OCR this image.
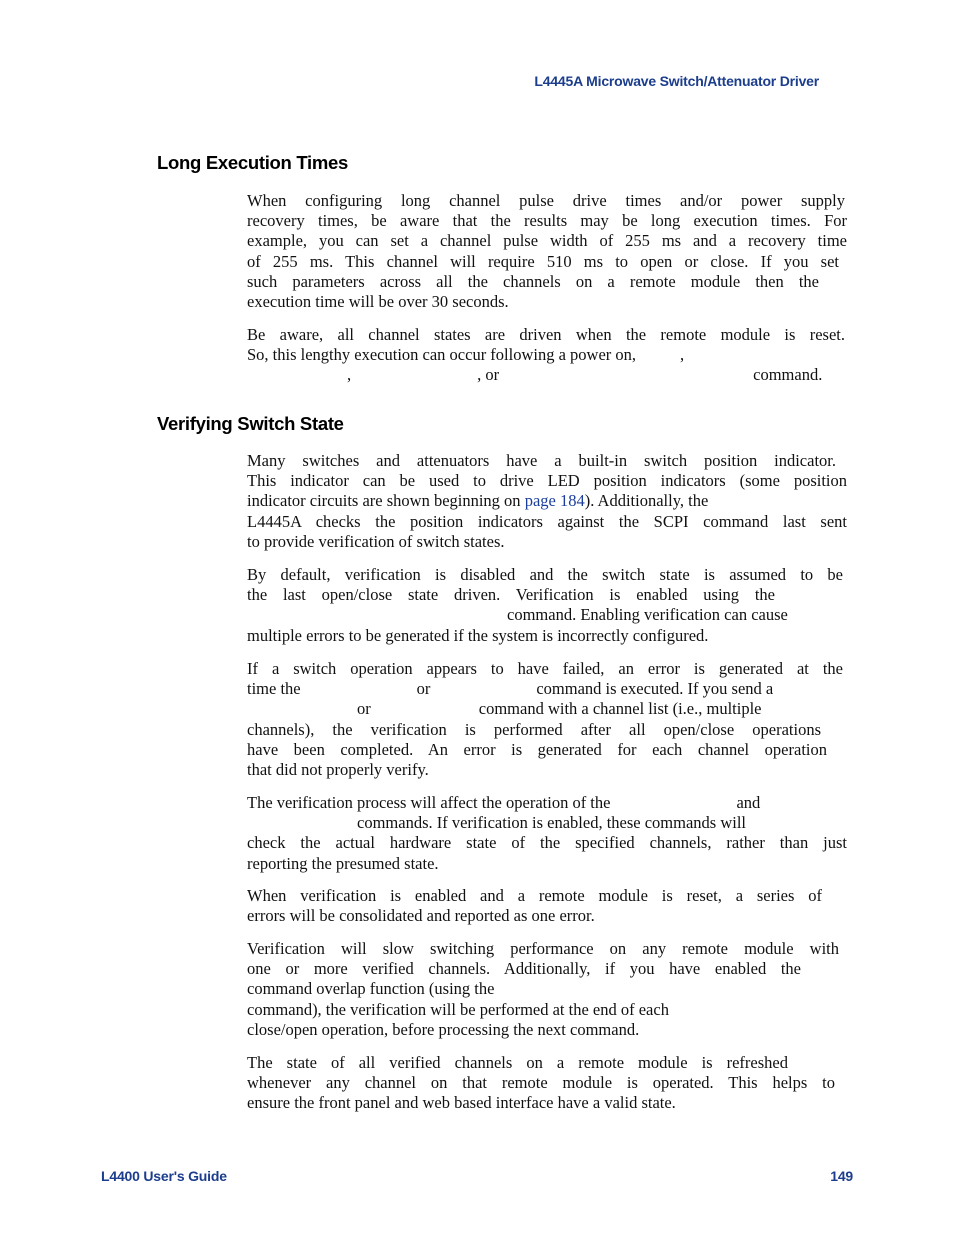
L4445A Microwave Switch/Attenuator Driver
Long Execution Times
When configuring long channel pulse drive times and/or power supply
recovery times, be aware that the results may be long execution times. For
example, you can set a channel pulse width of 255 ms and a recovery time
of 255 ms. This channel will require 510 ms to open or close. If you set
such parameters across all the channels on a remote module then the
execution time will be over 30 seconds.
Be aware, all channel states are driven when the remote module is reset.
So, this lengthy execution can occur following a power on,	,
,	, or	command.
Verifying Switch State
Many switches and attenuators have a built-in switch position indicator.
This indicator can be used to drive LED position indicators (some position
indicator circuits are shown beginning on page 184). Additionally, the
L4445A checks the position indicators against the SCPI command last sent
to provide verification of switch states.
By default, verification is disabled and the switch state is assumed to be
the last open/close state driven. Verification is enabled using the
command. Enabling verification can cause
multiple errors to be generated if the system is incorrectly configured.
If a switch operation appears to have failed, an error is generated at the
time the	or	command is executed. If you send a
or	command with a channel list (i.e., multiple
channels), the verification is performed after all open/close operations
have been completed. An error is generated for each channel operation
that did not properly verify.
The verification process will affect the operation of the	and
commands. If verification is enabled, these commands will
check the actual hardware state of the specified channels, rather than just
reporting the presumed state.
When verification is enabled and a remote module is reset, a series of
errors will be consolidated and reported as one error.
Verification will slow switching performance on any remote module with
one or more verified channels. Additionally, if you have enabled the
command overlap function (using the
command), the verification will be performed at the end of each
close/open operation, before processing the next command.
The state of all verified channels on a remote module is refreshed
whenever any channel on that remote module is operated. This helps to
ensure the front panel and web based interface have a valid state.
L4400 User's Guide	149
